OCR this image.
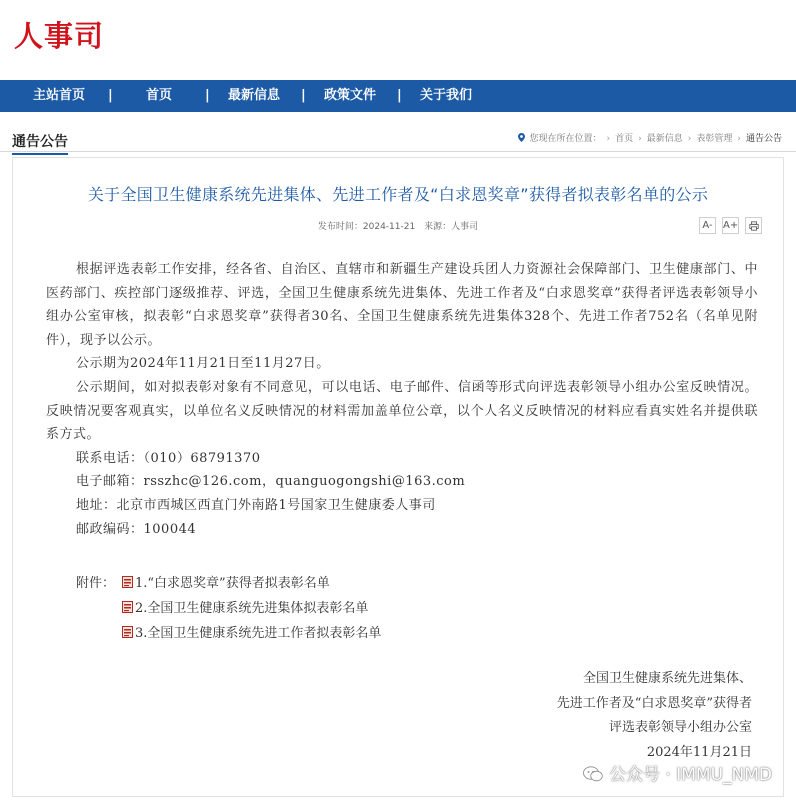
人事司
主站首页 |	首页	| 最新信息 | 政策文件 | 关于我们
通告公告	您现在所在位置： › 首页 › 最新信息 › 表彰管理 › 通告公告
关于全国卫生健康系统先进集体、先进工作者及“白求恩奖章”获得者拟表彰名单的公示
发布时间：2024-11-21 来源：人事司	A-	A+

根据评选表彰工作安排，经各省、自治区、直辖市和新疆生产建设兵团人力资源社会保障部门、卫生健康部门、中医药部门、疾控部门逐级推荐、评选，全国卫生健康系统先进集体、先进工作者及“白求恩奖章”获得者评选表彰领导小组办公室审核，拟表彰“白求恩奖章”获得者30名、全国卫生健康系统先进集体328个、先进工作者752名（名单见附件），现予以公示。

公示期为2024年11月21日至11月27日。

公示期间，如对拟表彰对象有不同意见，可以电话、电子邮件、信函等形式向评选表彰领导小组办公室反映情况。反映情况要客观真实，以单位名义反映情况的材料需加盖单位公章，以个人名义反映情况的材料应看真实姓名并提供联系方式。

联系电话：（010）68791370
电子邮箱：rsszhc@126.com，quanguogongshi@163.com
地址：北京市西城区西直门外南路1号国家卫生健康委人事司
邮政编码：100044
附件：	1.“白求恩奖章”获得者拟表彰名单
2.全国卫生健康系统先进集体拟表彰名单
3.全国卫生健康系统先进工作者拟表彰名单
全国卫生健康系统先进集体、
先进工作者及“白求恩奖章”获得者
评选表彰领导小组办公室
2024年11月21日
公众号 · IMMU_NMD
